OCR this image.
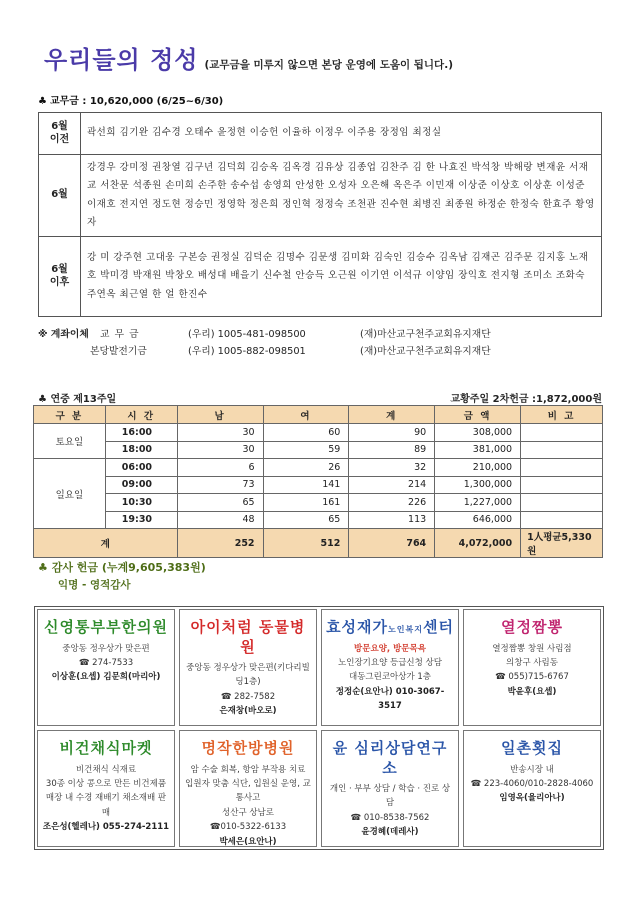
우리들의 정성 (교무금을 미루지 않으면 본당 운영에 도움이 됩니다.)
♣ 교무금 : 10,620,000 (6/25~6/30)
6월
이전	곽선희 김기완 김수경 오태수 윤정현 이승헌 이율하 이정우 이주용 장정임 최정실

6월	강경우 강미정 권창열 김구년 김덕희 김승옥 김옥경 김유상 김종업 김찬주 김 한 나효진 박석창 박해랑 변재윤 서재교 서찬문 석종원 손미희 손주한 송수섭 송영희 안성한 오성자 오은해 옥은주 이민재 이상준 이상호 이상훈 이성준 이재호 전지연 정도현 정승민 정영학 정은희 정인혁 정정숙 조천관 진수현 최병진 최종원 하정순 한정숙 한효주 황영자

6월
이후	강 미 강주현 고대웅 구본승 권정실 김덕순 김명수 김문생 김미화 김숙인 김승수 김옥남 김재곤 김주문 김지홍 노재호 박미경 박재원 박창오 배성대 배을기 신수철 안승득 오근원 이기연 이석규 이양임 장익호 전지형 조미소 조화숙 주연옥 최근열 한 얼 한진수
※ 계좌이체	교 무 금	(우리) 1005-481-098500	(재)마산교구천주교회유지재단
본당발전기금	(우리) 1005-882-098501	(재)마산교구천주교회유지재단
♣ 연중 제13주일	교황주일 2차헌금 :1,872,000원
구 분	시 간	남	여	계	금 액	비 고
토요일	16:00	30	60	90	308,000	
	18:00	30	59	89	381,000	
일요일	06:00	6	26	32	210,000	
	09:00	73	141	214	1,300,000	
	10:30	65	161	226	1,227,000	
	19:30	48	65	113	646,000	
계		252	512	764	4,072,000	1人평균5,330원
♣ 감사 헌금 (누계9,605,383원)
익명 - 영적감사
신영통부부한의원
중앙동 정우상가 맞은편
☎ 274-7533
이상훈(요셉) 김문희(마리아)
아이처럼 동물병원
중앙동 정우상가 맞은편(키다리빌딩1층)
☎ 282-7582
은재창(바오로)
효성재가노인복지센터
방문요양, 방문목욕
노인장기요양 등급신청 상담
대동그린코아상가 1층
정정순(요안나) 010-3067-3517
열정짬뽕
열정짬뽕 창원 사림점
의창구 사림동
☎ 055)715-6767
박윤후(요셉)
비건채식마켓
비건채식 식재료
30종 이상 콩으로 만든 비건제품
매장 내 수경 재배기 채소재배 판매
조은성(헬레나) 055-274-2111
명작한방병원
암 수술 회복, 항암 부작용 치료
입원자 맞춤 식단, 입원실 운영, 교통사고
성산구 상남로
☎010-5322-6133
박세은(요안나)
윤 심리상담연구소
개인 · 부부 상담 / 학습 · 진로 상담
☎ 010-8538-7562
윤경혜(데레사)
일촌횟집
반송시장 내
☎ 223-4060/010-2828-4060
임영옥(율리아나)
